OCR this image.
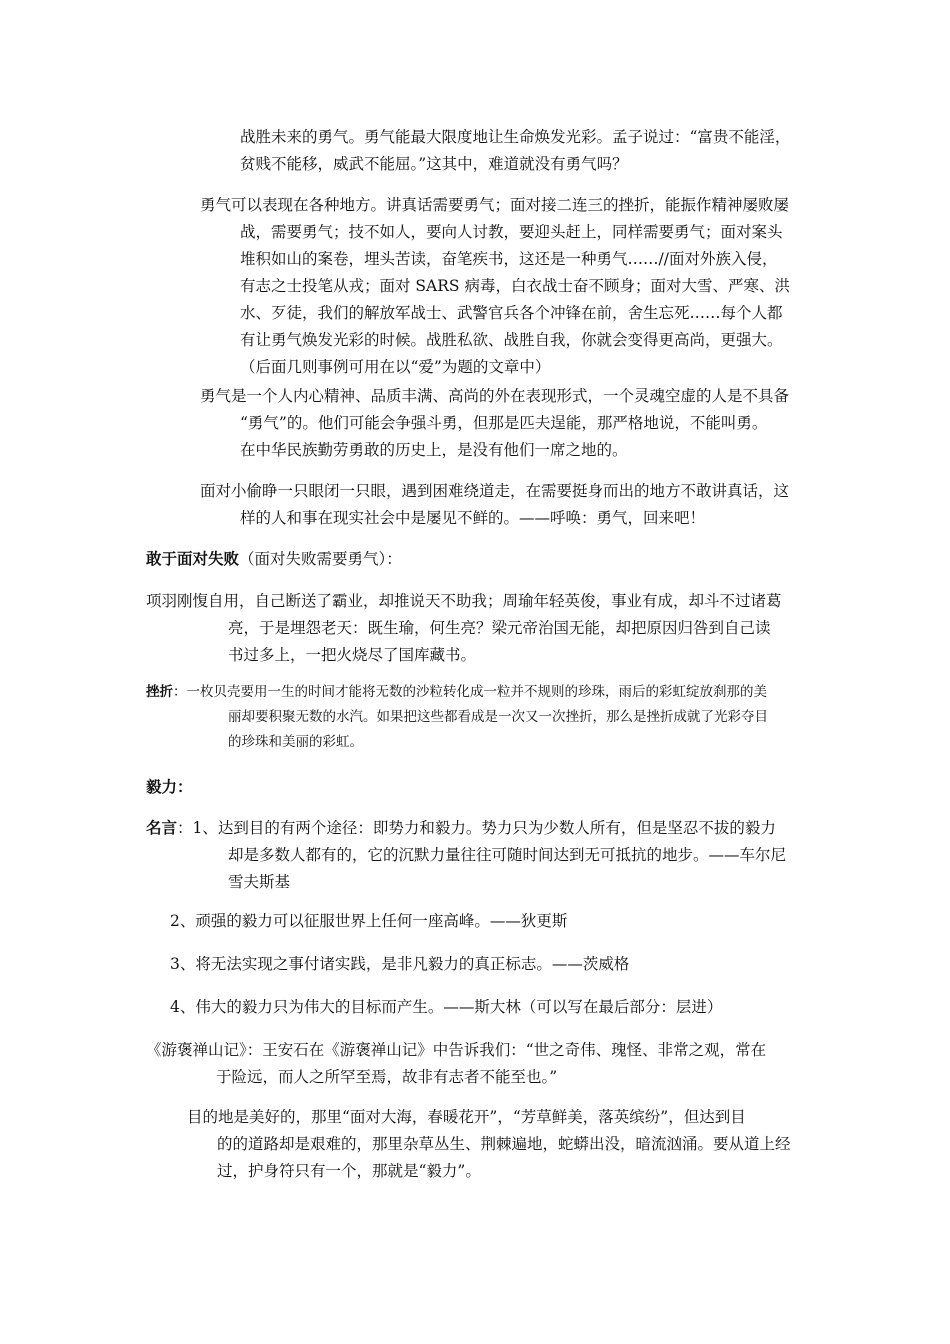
战胜未来的勇气。勇气能最大限度地让生命焕发光彩。孟子说过：“富贵不能淫，
贫贱不能移，威武不能屈。”这其中，难道就没有勇气吗？
勇气可以表现在各种地方。讲真话需要勇气；面对接二连三的挫折，能振作精神屡败屡
战，需要勇气；技不如人，要向人讨教，要迎头赶上，同样需要勇气；面对案头
堆积如山的案卷，埋头苦读，奋笔疾书，这还是一种勇气……//面对外族入侵，
有志之士投笔从戎；面对 SARS 病毒，白衣战士奋不顾身；面对大雪、严寒、洪
水、歹徒，我们的解放军战士、武警官兵各个冲锋在前，舍生忘死……每个人都
有让勇气焕发光彩的时候。战胜私欲、战胜自我，你就会变得更高尚，更强大。
（后面几则事例可用在以“爱”为题的文章中）
勇气是一个人内心精神、品质丰满、高尚的外在表现形式，一个灵魂空虚的人是不具备
“勇气”的。他们可能会争强斗勇，但那是匹夫逞能，那严格地说，不能叫勇。
在中华民族勤劳勇敢的历史上，是没有他们一席之地的。
面对小偷睁一只眼闭一只眼，遇到困难绕道走，在需要挺身而出的地方不敢讲真话，这
样的人和事在现实社会中是屡见不鲜的。——呼唤：勇气，回来吧！
敢于面对失败（面对失败需要勇气）：
项羽刚愎自用，自己断送了霸业，却推说天不助我；周瑜年轻英俊，事业有成，却斗不过诸葛
亮，于是埋怨老天：既生瑜，何生亮？梁元帝治国无能，却把原因归咎到自己读
书过多上，一把火烧尽了国库藏书。
挫折：一枚贝壳要用一生的时间才能将无数的沙粒转化成一粒并不规则的珍珠，雨后的彩虹绽放刹那的美
丽却要积聚无数的水汽。如果把这些都看成是一次又一次挫折，那么是挫折成就了光彩夺目
的珍珠和美丽的彩虹。
毅力：
名言：1、达到目的有两个途径：即势力和毅力。势力只为少数人所有，但是坚忍不拔的毅力
却是多数人都有的，它的沉默力量往往可随时间达到无可抵抗的地步。——车尔尼
雪夫斯基
2、顽强的毅力可以征服世界上任何一座高峰。——狄更斯
3、将无法实现之事付诸实践，是非凡毅力的真正标志。——茨威格
4、伟大的毅力只为伟大的目标而产生。——斯大林（可以写在最后部分：层进）
《游褒禅山记》：王安石在《游褒禅山记》中告诉我们：“世之奇伟、瑰怪、非常之观，常在
于险远，而人之所罕至焉，故非有志者不能至也。”
目的地是美好的，那里“面对大海，春暖花开”，“芳草鲜美，落英缤纷”，但达到目
的的道路却是艰难的，那里杂草丛生、荆棘遍地，蛇蟒出没，暗流汹涌。要从道上经
过，护身符只有一个，那就是“毅力”。
